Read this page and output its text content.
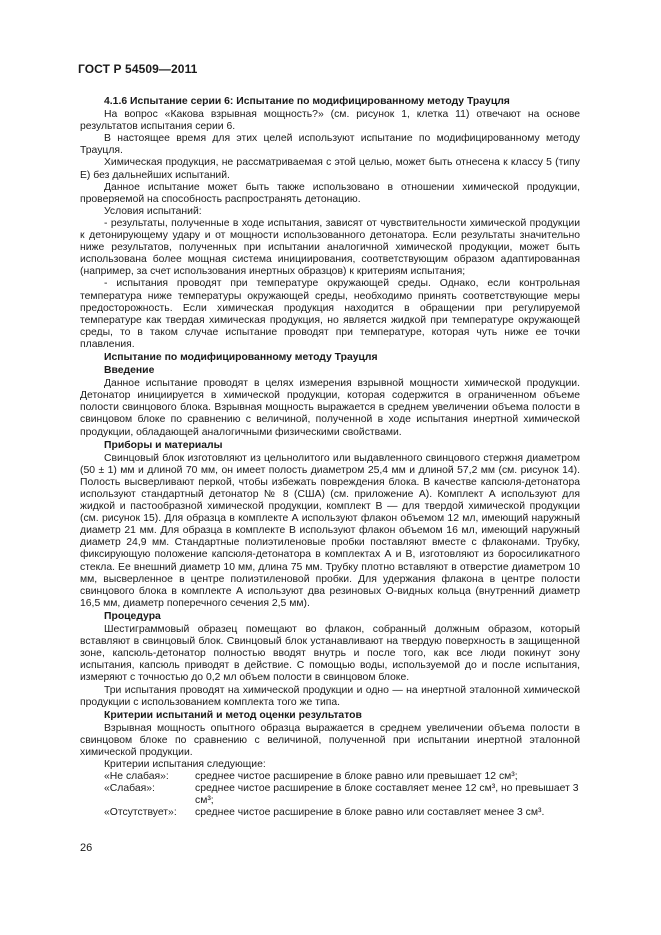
ГОСТ Р 54509—2011

4.1.6 Испытание серии 6: Испытание по модифицированному методу Трауцля

На вопрос «Какова взрывная мощность?» (см. рисунок 1, клетка 11) отвечают на основе результатов испытания серии 6.

В настоящее время для этих целей используют испытание по модифицированному методу Трауцля.

Химическая продукция, не рассматриваемая с этой целью, может быть отнесена к классу 5 (типу Е) без дальнейших испытаний.

Данное испытание может быть также использовано в отношении химической продукции, проверяемой на способность распространять детонацию.

Условия испытаний:

- результаты, полученные в ходе испытания, зависят от чувствительности химической продукции к детонирующему удару и от мощности использованного детонатора. Если результаты значительно ниже результатов, полученных при испытании аналогичной химической продукции, может быть использована более мощная система инициирования, соответствующим образом адаптированная (например, за счет использования инертных образцов) к критериям испытания;

- испытания проводят при температуре окружающей среды. Однако, если контрольная температура ниже температуры окружающей среды, необходимо принять соответствующие меры предосторожность. Если химическая продукция находится в обращении при регулируемой температуре как твердая химическая продукция, но является жидкой при температуре окружающей среды, то в таком случае испытание проводят при температуре, которая чуть ниже ее точки плавления.

Испытание по модифицированному методу Трауцля

Введение

Данное испытание проводят в целях измерения взрывной мощности химической продукции. Детонатор инициируется в химической продукции, которая содержится в ограниченном объеме полости свинцового блока. Взрывная мощность выражается в среднем увеличении объема полости в свинцовом блоке по сравнению с величиной, полученной в ходе испытания инертной химической продукции, обладающей аналогичными физическими свойствами.

Приборы и материалы

Свинцовый блок изготовляют из цельнолитого или выдавленного свинцового стержня диаметром (50 ± 1) мм и длиной 70 мм, он имеет полость диаметром 25,4 мм и длиной 57,2 мм (см. рисунок 14). Полость высверливают перкой, чтобы избежать повреждения блока. В качестве капсюля-детонатора используют стандартный детонатор № 8 (США) (см. приложение А). Комплект А используют для жидкой и пастообразной химической продукции, комплект В — для твердой химической продукции (см. рисунок 15). Для образца в комплекте А используют флакон объемом 12 мл, имеющий наружный диаметр 21 мм. Для образца в комплекте В используют флакон объемом 16 мл, имеющий наружный диаметр 24,9 мм. Стандартные полиэтиленовые пробки поставляют вместе с флаконами. Трубку, фиксирующую положение капсюля-детонатора в комплектах А и В, изготовляют из боросиликатного стекла. Ее внешний диаметр 10 мм, длина 75 мм. Трубку плотно вставляют в отверстие диаметром 10 мм, высверленное в центре полиэтиленовой пробки. Для удержания флакона в центре полости свинцового блока в комплекте А используют два резиновых О-видных кольца (внутренний диаметр 16,5 мм, диаметр поперечного сечения 2,5 мм).

Процедура

Шестиграммовый образец помещают во флакон, собранный должным образом, который вставляют в свинцовый блок. Свинцовый блок устанавливают на твердую поверхность в защищенной зоне, капсюль-детонатор полностью вводят внутрь и после того, как все люди покинут зону испытания, капсюль приводят в действие. С помощью воды, используемой до и после испытания, измеряют с точностью до 0,2 мл объем полости в свинцовом блоке.

Три испытания проводят на химической продукции и одно — на инертной эталонной химической продукции с использованием комплекта того же типа.

Критерии испытаний и метод оценки результатов

Взрывная мощность опытного образца выражается в среднем увеличении объема полости в свинцовом блоке по сравнению с величиной, полученной при испытании инертной эталонной химической продукции.

Критерии испытания следующие:

«Не слабая»:	среднее чистое расширение в блоке равно или превышает 12 см³;
«Слабая»:	среднее чистое расширение в блоке составляет менее 12 см³, но превышает 3 см³;
«Отсутствует»:	среднее чистое расширение в блоке равно или составляет менее 3 см³.
26
